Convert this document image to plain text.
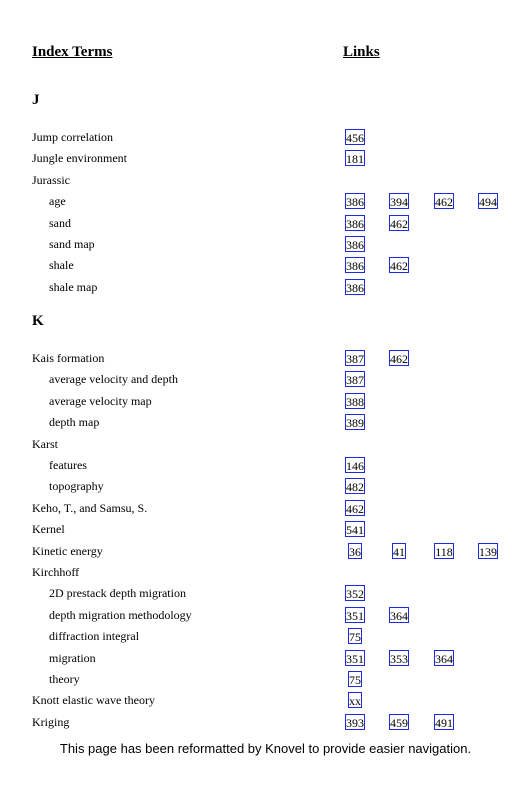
Index Terms	Links
J
Jump correlation	456
Jungle environment	181
Jurassic
age	386 394 462 494
sand	386 462
sand map	386
shale	386 462
shale map	386
K
Kais formation	387 462
average velocity and depth	387
average velocity map	388
depth map	389
Karst
features	146
topography	482
Keho, T., and Samsu, S.	462
Kernel	541
Kinetic energy	36	41	118 139
Kirchhoff
2D prestack depth migration	352
depth migration methodology	351 364
diffraction integral	75
migration	351 353 364
theory	75
Knott elastic wave theory	xx
Kriging	393 459 491
This page has been reformatted by Knovel to provide easier navigation.
